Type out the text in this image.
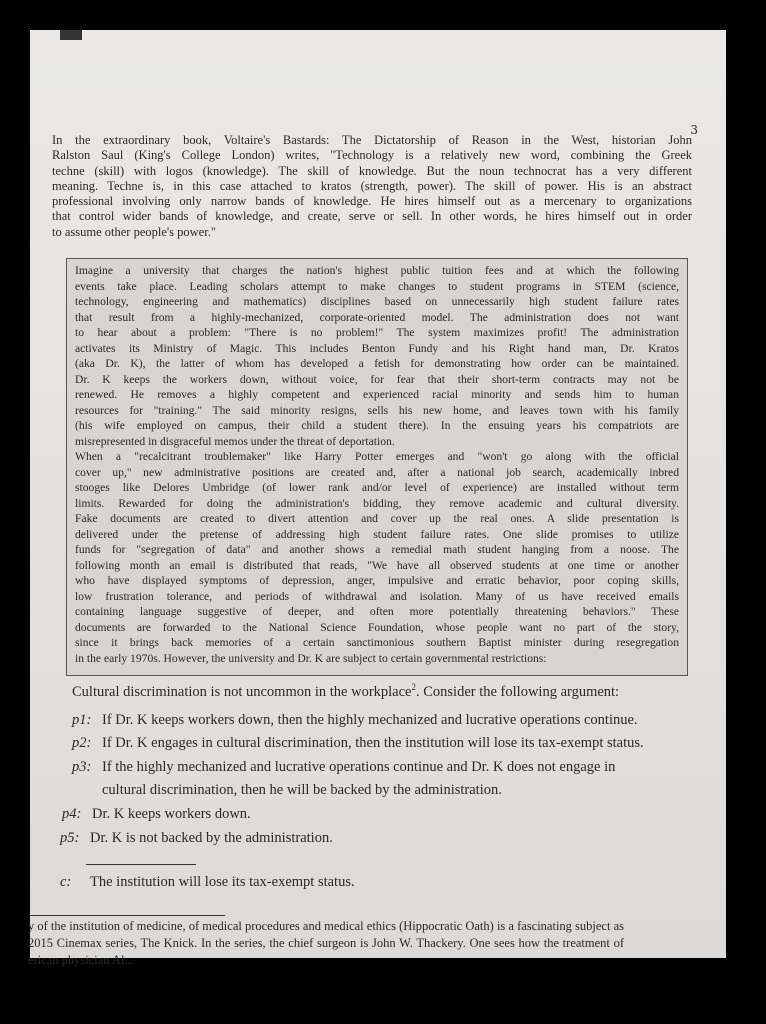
3
In the extraordinary book, Voltaire's Bastards: The Dictatorship of Reason in the West, historian John
Ralston Saul (King's College London) writes, "Technology is a relatively new word, combining the Greek
techne (skill) with logos (knowledge). The skill of knowledge. But the noun technocrat has a very different
meaning. Techne is, in this case attached to kratos (strength, power). The skill of power. His is an abstract
professional involving only narrow bands of knowledge. He hires himself out as a mercenary to organizations
that control wider bands of knowledge, and create, serve or sell. In other words, he hires himself out in order
to assume other people's power."
Imagine a university that charges the nation's highest public tuition fees and at which the following
events take place. Leading scholars attempt to make changes to student programs in STEM (science,
technology, engineering and mathematics) disciplines based on unnecessarily high student failure rates
that result from a highly-mechanized, corporate-oriented model. The administration does not want
to hear about a problem: "There is no problem!" The system maximizes profit! The administration
activates its Ministry of Magic. This includes Benton Fundy and his Right hand man, Dr. Kratos
(aka Dr. K), the latter of whom has developed a fetish for demonstrating how order can be maintained.
Dr. K keeps the workers down, without voice, for fear that their short-term contracts may not be
renewed. He removes a highly competent and experienced racial minority and sends him to human
resources for "training." The said minority resigns, sells his new home, and leaves town with his family
(his wife employed on campus, their child a student there). In the ensuing years his compatriots are
misrepresented in disgraceful memos under the threat of deportation.
When a "recalcitrant troublemaker" like Harry Potter emerges and "won't go along with the official
cover up," new administrative positions are created and, after a national job search, academically inbred
stooges like Delores Umbridge (of lower rank and/or level of experience) are installed without term
limits. Rewarded for doing the administration's bidding, they remove academic and cultural diversity.
Fake documents are created to divert attention and cover up the real ones. A slide presentation is
delivered under the pretense of addressing high student failure rates. One slide promises to utilize
funds for "segregation of data" and another shows a remedial math student hanging from a noose. The
following month an email is distributed that reads, "We have all observed students at one time or another
who have displayed symptoms of depression, anger, impulsive and erratic behavior, poor coping skills,
low frustration tolerance, and periods of withdrawal and isolation. Many of us have received emails
containing language suggestive of deeper, and often more potentially threatening behaviors." These
documents are forwarded to the National Science Foundation, whose people want no part of the story,
since it brings back memories of a certain sanctimonious southern Baptist minister during resegregation
in the early 1970s. However, the university and Dr. K are subject to certain governmental restrictions:
Cultural discrimination is not uncommon in the workplace$^2$. Consider the following argument:
p1: If Dr. K keeps workers down, then the highly mechanized and lucrative operations continue.
p2: If Dr. K engages in cultural discrimination, then the institution will lose its tax-exempt status.
p3: If the highly mechanized and lucrative operations continue and Dr. K does not engage in
cultural discrimination, then he will be backed by the administration.
p4: Dr. K keeps workers down.
p5: Dr. K is not backed by the administration.
c: The institution will lose its tax-exempt status.
y of the institution of medicine, of medical procedures and medical ethics (Hippocratic Oath) is a fascinating subject as
2015 Cinemax series, The Knick. In the series, the chief surgeon is John W. Thackery. One sees how the treatment of
erican physician Al...
